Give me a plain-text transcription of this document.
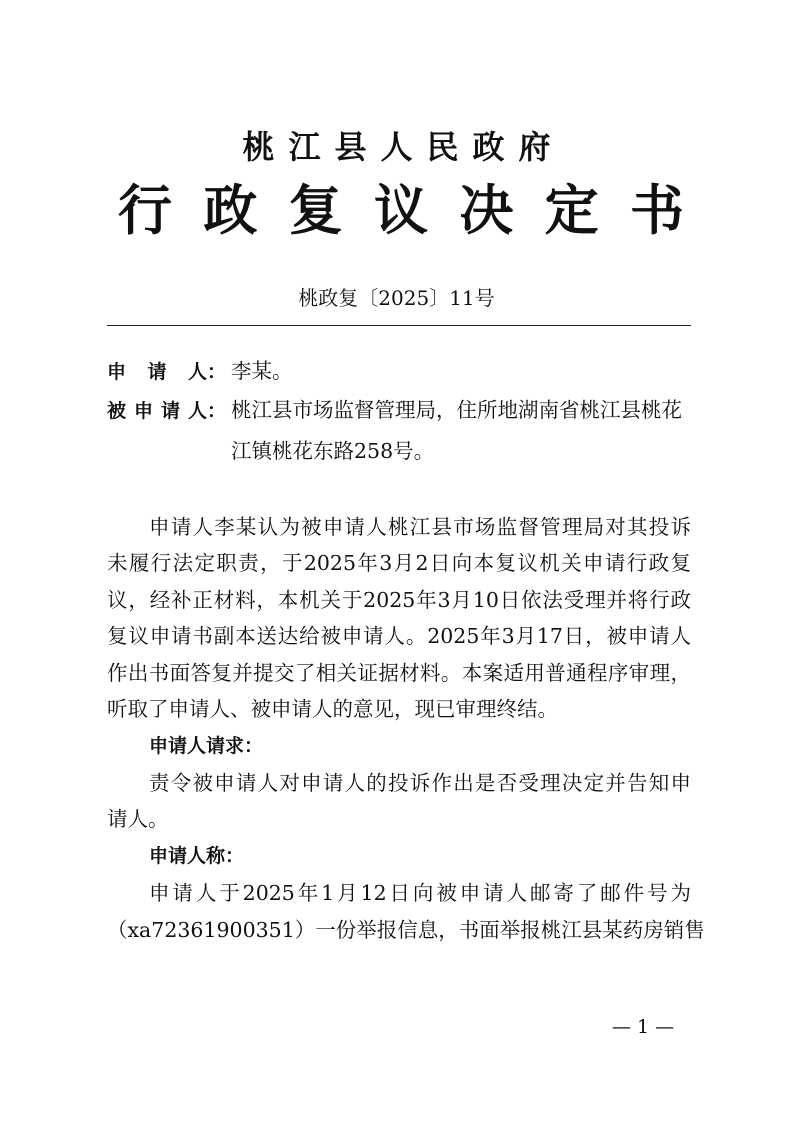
桃江县人民政府
行政复议决定书
桃政复〔2025〕11号
申请人： 李某。
被申请人： 桃江县市场监督管理局，住所地湖南省桃江县桃花
江镇桃花东路258号。
申请人李某认为被申请人桃江县市场监督管理局对其投诉
未履行法定职责，于2025年3月2日向本复议机关申请行政复
议，经补正材料，本机关于2025年3月10日依法受理并将行政
复议申请书副本送达给被申请人。2025年3月17日，被申请人
作出书面答复并提交了相关证据材料。本案适用普通程序审理，
听取了申请人、被申请人的意见，现已审理终结。
申请人请求：
责令被申请人对申请人的投诉作出是否受理决定并告知申
请人。
申请人称：
申请人于2025年1月12日向被申请人邮寄了邮件号为
（xa72361900351）一份举报信息，书面举报桃江县某药房销售
— 1 —
